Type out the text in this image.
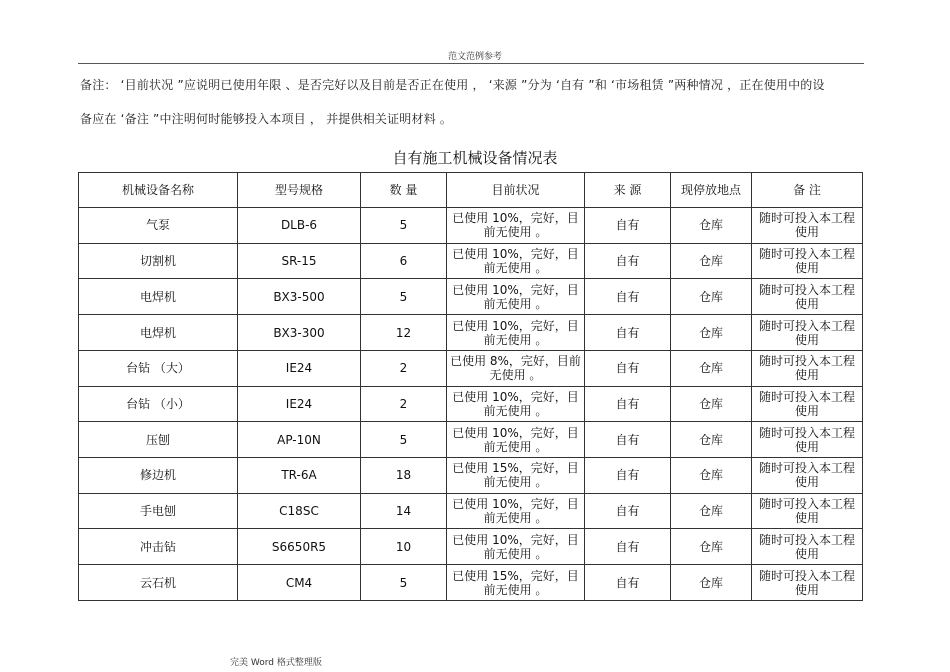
范文范例参考
备注： ‘目前状况 ”应说明已使用年限 、是否完好以及目前是否正在使用 ， ‘来源 ”分为 ‘自有 ”和 ‘市场租赁 ”两种情况 ，正在使用中的设
备应在 ‘备注 ”中注明何时能够投入本项目 ， 并提供相关证明材料 。
自有施工机械设备情况表
机械设备名称	型号规格	数 量	目前状况	来 源	现停放地点	备 注
气泵	DLB-6	5	已使用 10%，完好，目前无使用 。	自有	仓库	随时可投入本工程使用
切割机	SR-15	6	已使用 10%，完好，目前无使用 。	自有	仓库	随时可投入本工程使用
电焊机	BX3-500	5	已使用 10%，完好，目前无使用 。	自有	仓库	随时可投入本工程使用
电焊机	BX3-300	12	已使用 10%，完好，目前无使用 。	自有	仓库	随时可投入本工程使用
台钻 （大）	IE24	2	已使用 8%，完好，目前无使用 。	自有	仓库	随时可投入本工程使用
台钻 （小）	IE24	2	已使用 10%，完好，目前无使用 。	自有	仓库	随时可投入本工程使用
压刨	AP-10N	5	已使用 10%，完好，目前无使用 。	自有	仓库	随时可投入本工程使用
修边机	TR-6A	18	已使用 15%，完好，目前无使用 。	自有	仓库	随时可投入本工程使用
手电刨	C18SC	14	已使用 10%，完好，目前无使用 。	自有	仓库	随时可投入本工程使用
冲击钻	S6650R5	10	已使用 10%，完好，目前无使用 。	自有	仓库	随时可投入本工程使用
云石机	CM4	5	已使用 15%，完好，目前无使用 。	自有	仓库	随时可投入本工程使用
完美 Word 格式整理版
